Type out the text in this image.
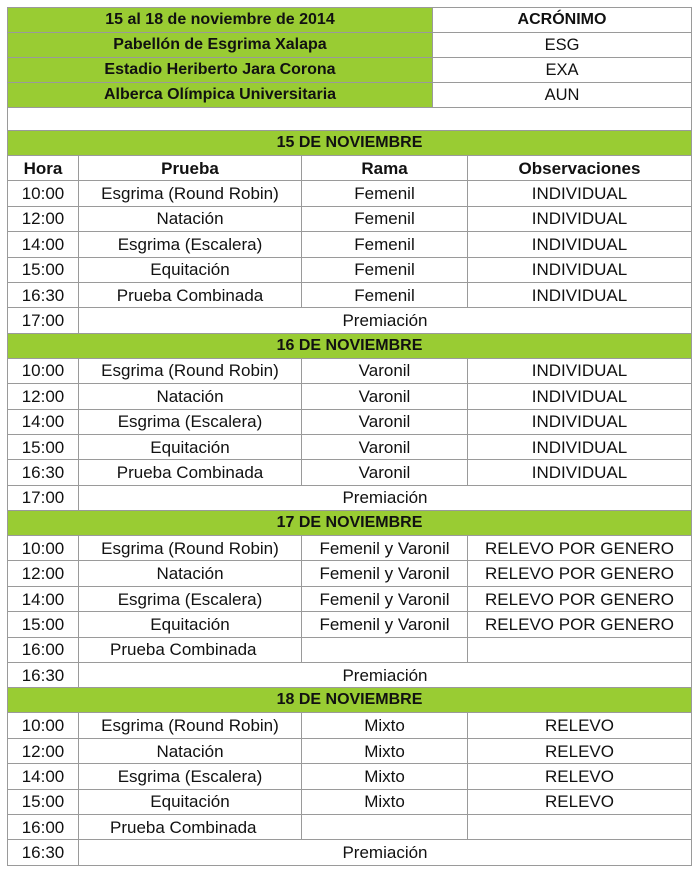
15 al 18 de noviembre de 2014	ACRÓNIMO
Pabellón de Esgrima Xalapa	ESG
Estadio Heriberto Jara Corona	EXA
Alberca Olímpica Universitaria	AUN

15 DE NOVIEMBRE			
Hora	Prueba	Rama	Observaciones
10:00	Esgrima (Round Robin)	Femenil	INDIVIDUAL
12:00	Natación	Femenil	INDIVIDUAL
14:00	Esgrima (Escalera)	Femenil	INDIVIDUAL
15:00	Equitación	Femenil	INDIVIDUAL
16:30	Prueba Combinada	Femenil	INDIVIDUAL
17:00	Premiación		
16 DE NOVIEMBRE			
10:00	Esgrima (Round Robin)	Varonil	INDIVIDUAL
12:00	Natación	Varonil	INDIVIDUAL
14:00	Esgrima (Escalera)	Varonil	INDIVIDUAL
15:00	Equitación	Varonil	INDIVIDUAL
16:30	Prueba Combinada	Varonil	INDIVIDUAL
17:00	Premiación		
17 DE NOVIEMBRE			
10:00	Esgrima (Round Robin)	Femenil y Varonil	RELEVO POR GENERO
12:00	Natación	Femenil y Varonil	RELEVO POR GENERO
14:00	Esgrima (Escalera)	Femenil y Varonil	RELEVO POR GENERO
15:00	Equitación	Femenil y Varonil	RELEVO POR GENERO
16:00	Prueba Combinada		
16:30	Premiación		
18 DE NOVIEMBRE			
10:00	Esgrima (Round Robin)	Mixto	RELEVO
12:00	Natación	Mixto	RELEVO
14:00	Esgrima (Escalera)	Mixto	RELEVO
15:00	Equitación	Mixto	RELEVO
16:00	Prueba Combinada		
16:30	Premiación		
